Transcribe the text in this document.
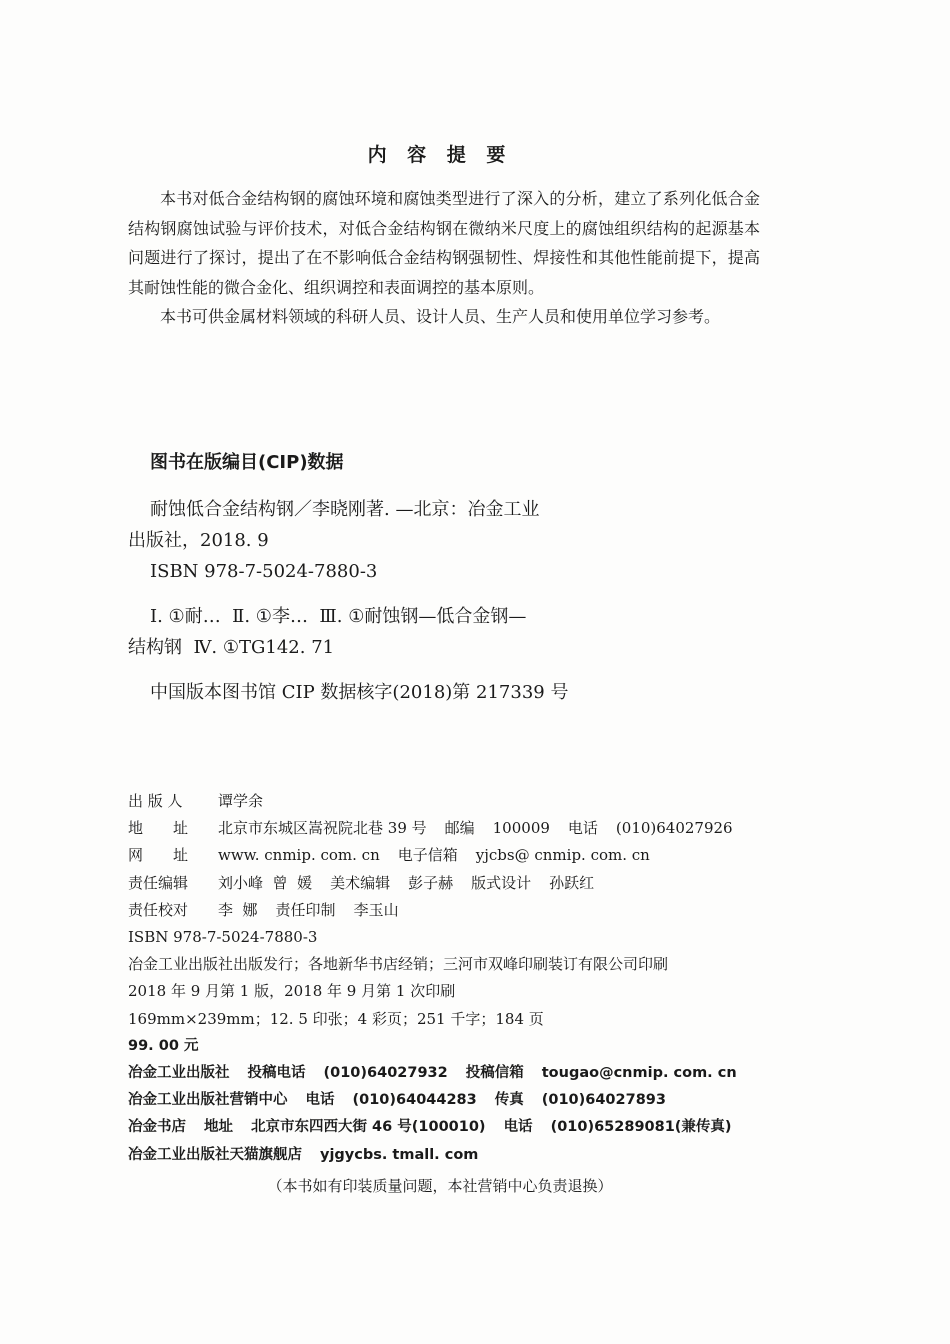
内 容 提 要

本书对低合金结构钢的腐蚀环境和腐蚀类型进行了深入的分析，建立了系列化低合金结构钢腐蚀试验与评价技术，对低合金结构钢在微纳米尺度上的腐蚀组织结构的起源基本问题进行了探讨，提出了在不影响低合金结构钢强韧性、焊接性和其他性能前提下，提高其耐蚀性能的微合金化、组织调控和表面调控的基本原则。

本书可供金属材料领域的科研人员、设计人员、生产人员和使用单位学习参考。

图书在版编目(CIP)数据
耐蚀低合金结构钢／李晓刚著. —北京：冶金工业
出版社，2018. 9
ISBN 978-7-5024-7880-3
Ⅰ. ①耐…  Ⅱ. ①李…  Ⅲ. ①耐蚀钢—低合金钢—
结构钢  Ⅳ. ①TG142. 71
中国版本图书馆 CIP 数据核字(2018)第 217339 号
出 版 人 谭学余
地　　址 北京市东城区嵩祝院北巷 39 号 邮编 100009 电话 (010)64027926
网　　址 www. cnmip. com. cn 电子信箱 yjcbs@ cnmip. com. cn
责任编辑 刘小峰  曾  媛 美术编辑 彭子赫 版式设计 孙跃红
责任校对 李  娜 责任印制 李玉山
ISBN 978-7-5024-7880-3
冶金工业出版社出版发行；各地新华书店经销；三河市双峰印刷装订有限公司印刷
2018 年 9 月第 1 版，2018 年 9 月第 1 次印刷
169mm×239mm；12. 5 印张；4 彩页；251 千字；184 页
99. 00 元
冶金工业出版社 投稿电话 (010)64027932 投稿信箱 tougao@cnmip. com. cn
冶金工业出版社营销中心 电话 (010)64044283 传真 (010)64027893
冶金书店 地址 北京市东四西大街 46 号(100010) 电话 (010)65289081(兼传真)
冶金工业出版社天猫旗舰店 yjgycbs. tmall. com
（本书如有印装质量问题，本社营销中心负责退换）
